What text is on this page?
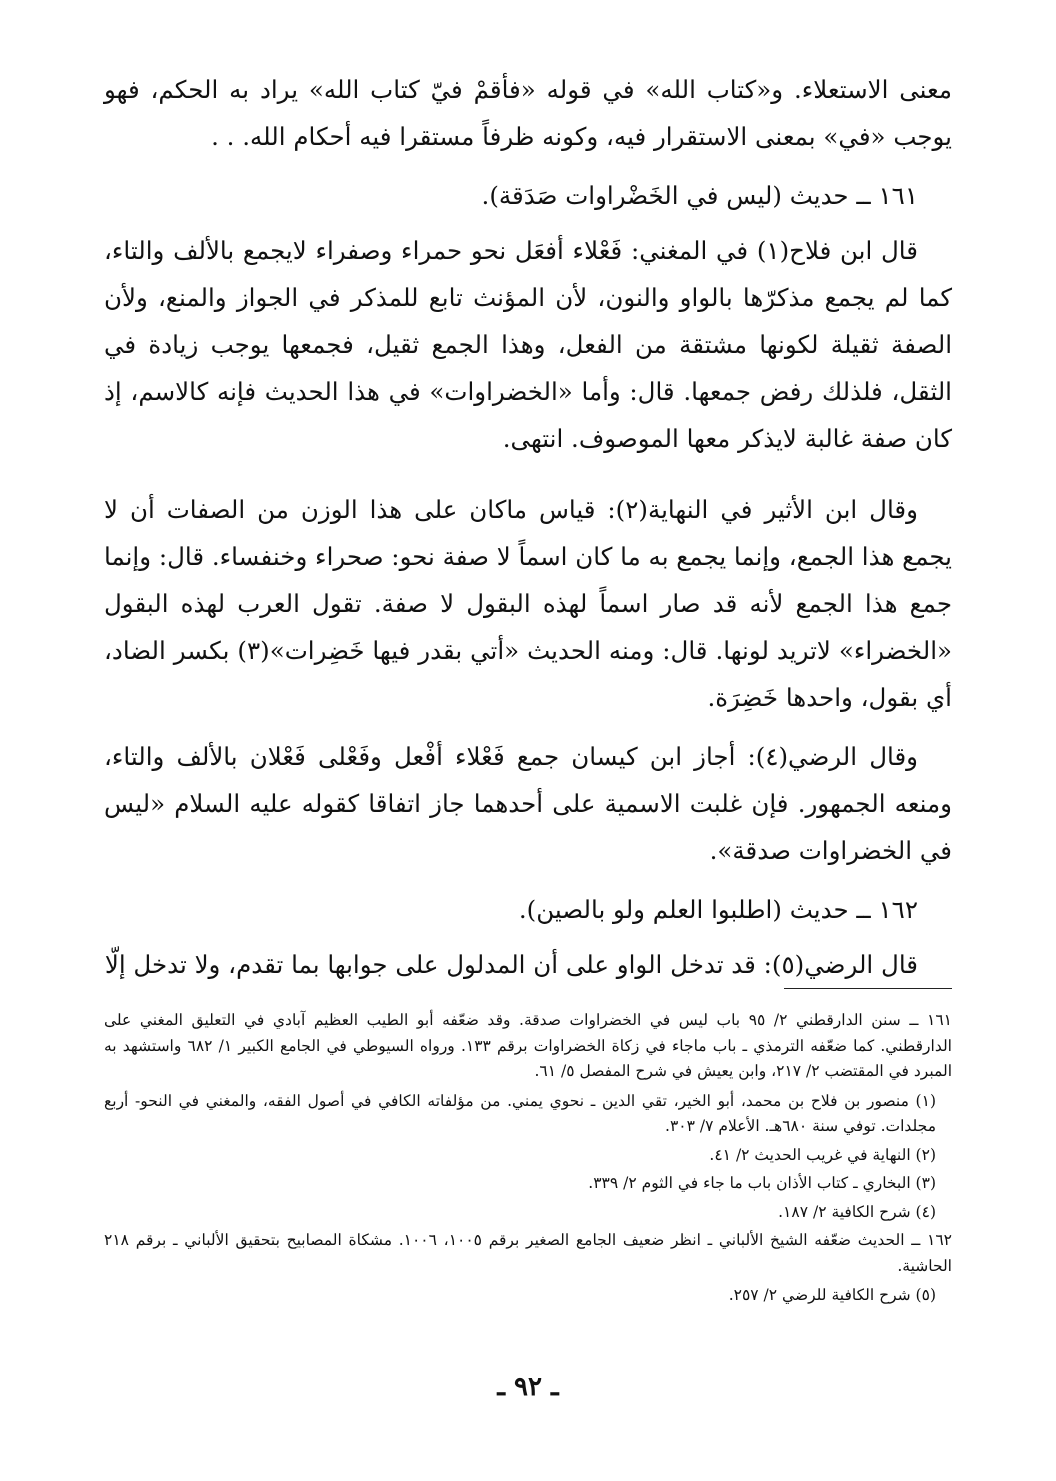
معنى الاستعلاء. و«كتاب الله» في قوله «فأقمْ فيّ كتاب الله» يراد به الحكم، فهو يوجب «في» بمعنى الاستقرار فيه، وكونه ظرفاً مستقرا فيه أحكام الله. . .

١٦١ ــ حديث (ليس في الخَضْراوات صَدَقة).

قال ابن فلاح(١) في المغني: فَعْلاء أفعَل نحو حمراء وصفراء لايجمع بالألف والتاء، كما لم يجمع مذكرّها بالواو والنون، لأن المؤنث تابع للمذكر في الجواز والمنع، ولأن الصفة ثقيلة لكونها مشتقة من الفعل، وهذا الجمع ثقيل، فجمعها يوجب زيادة في الثقل، فلذلك رفض جمعها. قال: وأما «الخضراوات» في هذا الحديث فإنه كالاسم، إذ كان صفة غالبة لايذكر معها الموصوف. انتهى.

وقال ابن الأثير في النهاية(٢): قياس ماكان على هذا الوزن من الصفات أن لا يجمع هذا الجمع، وإنما يجمع به ما كان اسماً لا صفة نحو: صحراء وخنفساء. قال: وإنما جمع هذا الجمع لأنه قد صار اسماً لهذه البقول لا صفة. تقول العرب لهذه البقول «الخضراء» لاتريد لونها. قال: ومنه الحديث «أتي بقدر فيها خَضِرات»(٣) بكسر الضاد، أي بقول، واحدها خَضِرَة.

وقال الرضي(٤): أجاز ابن كيسان جمع فَعْلاء أفْعل وفَعْلى فَعْلان بالألف والتاء، ومنعه الجمهور. فإن غلبت الاسمية على أحدهما جاز اتفاقا كقوله عليه السلام «ليس في الخضراوات صدقة».

١٦٢ ــ حديث (اطلبوا العلم ولو بالصين).

قال الرضي(٥): قد تدخل الواو على أن المدلول على جوابها بما تقدم، ولا تدخل إلّا

١٦١ ــ سنن الدارقطني ٢/ ٩٥ باب ليس في الخضراوات صدقة. وقد ضعّفه أبو الطيب العظيم آبادي في التعليق المغني على الدارقطني. كما ضعّفه الترمذي ـ باب ماجاء في زكاة الخضراوات برقم ١٣٣. ورواه السيوطي في الجامع الكبير ١/ ٦٨٢ واستشهد به المبرد في المقتضب ٢/ ٢١٧، وابن يعيش في شرح المفصل ٥/ ٦١.

(١) منصور بن فلاح بن محمد، أبو الخير، تقي الدين ـ نحوي يمني. من مؤلفاته الكافي في أصول الفقه، والمغني في النحو- أربع مجلدات. توفي سنة ٦٨٠هـ. الأعلام ٧/ ٣٠٣.

(٢) النهاية في غريب الحديث ٢/ ٤١.

(٣) البخاري ـ كتاب الأذان باب ما جاء في الثوم ٢/ ٣٣٩.

(٤) شرح الكافية ٢/ ١٨٧.

١٦٢ ــ الحديث ضعّفه الشيخ الألباني ـ انظر ضعيف الجامع الصغير برقم ١٠٠٥، ١٠٠٦. مشكاة المصابيح بتحقيق الألباني ـ برقم ٢١٨ الحاشية.

(٥) شرح الكافية للرضي ٢/ ٢٥٧.

ـ ٩٢ ـ
